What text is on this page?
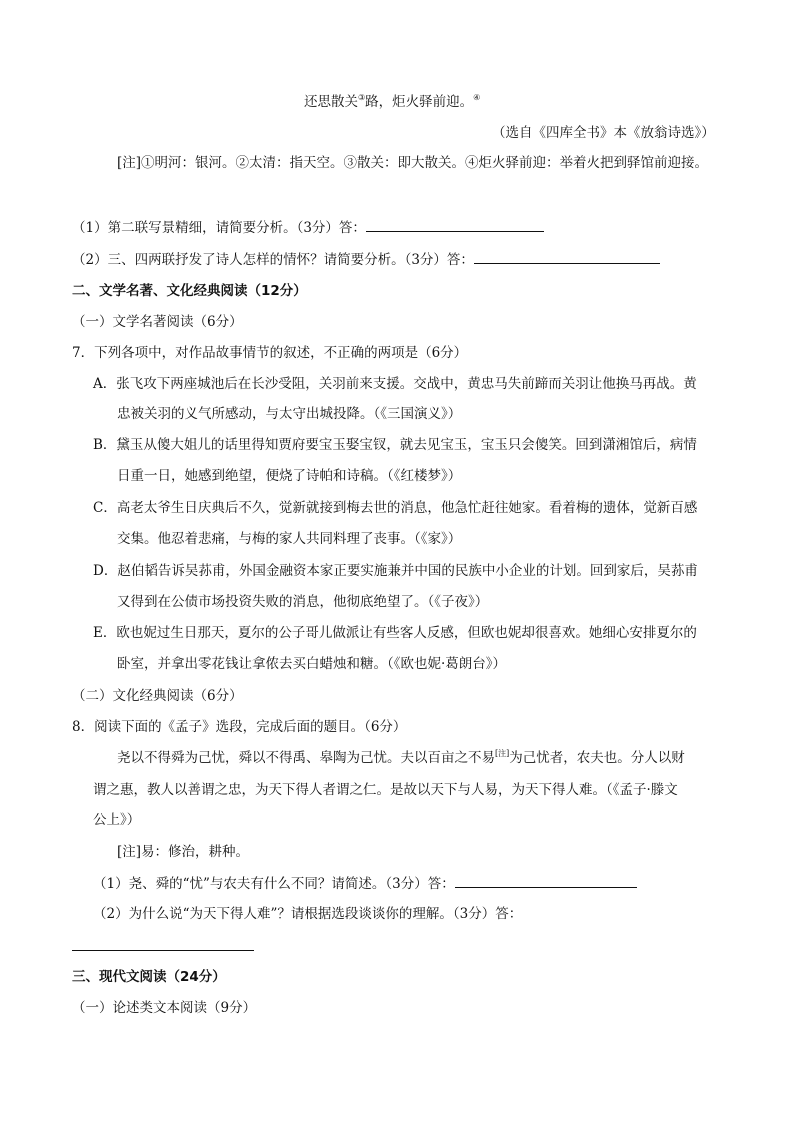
还思散关③路，炬火驿前迎。④
（选自《四库全书》本《放翁诗选》）
[注]①明河：银河。②太清：指天空。③散关：即大散关。④炬火驿前迎：举着火把到驿馆前迎接。
（1）第二联写景精细，请简要分析。（3分）答：
（2）三、四两联抒发了诗人怎样的情怀？请简要分析。（3分）答：
二、文学名著、文化经典阅读（12分）
（一）文学名著阅读（6分）
7．下列各项中，对作品故事情节的叙述，不正确的两项是（6分）
A．张飞攻下两座城池后在长沙受阻，关羽前来支援。交战中，黄忠马失前蹄而关羽让他换马再战。黄
忠被关羽的义气所感动，与太守出城投降。（《三国演义》）
B．黛玉从傻大姐儿的话里得知贾府要宝玉娶宝钗，就去见宝玉，宝玉只会傻笑。回到潇湘馆后，病情
日重一日，她感到绝望，便烧了诗帕和诗稿。（《红楼梦》）
C．高老太爷生日庆典后不久，觉新就接到梅去世的消息，他急忙赶往她家。看着梅的遗体，觉新百感
交集。他忍着悲痛，与梅的家人共同料理了丧事。（《家》）
D．赵伯韬告诉吴荪甫，外国金融资本家正要实施兼并中国的民族中小企业的计划。回到家后，吴荪甫
又得到在公债市场投资失败的消息，他彻底绝望了。（《子夜》）
E．欧也妮过生日那天，夏尔的公子哥儿做派让有些客人反感，但欧也妮却很喜欢。她细心安排夏尔的
卧室，并拿出零花钱让拿侬去买白蜡烛和糖。（《欧也妮·葛朗台》）
（二）文化经典阅读（6分）
8．阅读下面的《孟子》选段，完成后面的题目。（6分）
尧以不得舜为己忧，舜以不得禹、皋陶为己忧。夫以百亩之不易[注]为己忧者，农夫也。分人以财
谓之惠，教人以善谓之忠，为天下得人者谓之仁。是故以天下与人易，为天下得人难。（《孟子·滕文
公上》）
[注]易：修治，耕种。
（1）尧、舜的“忧”与农夫有什么不同？请简述。（3分）答：
（2）为什么说“为天下得人难”？请根据选段谈谈你的理解。（3分）答：
三、现代文阅读（24分）
（一）论述类文本阅读（9分）
